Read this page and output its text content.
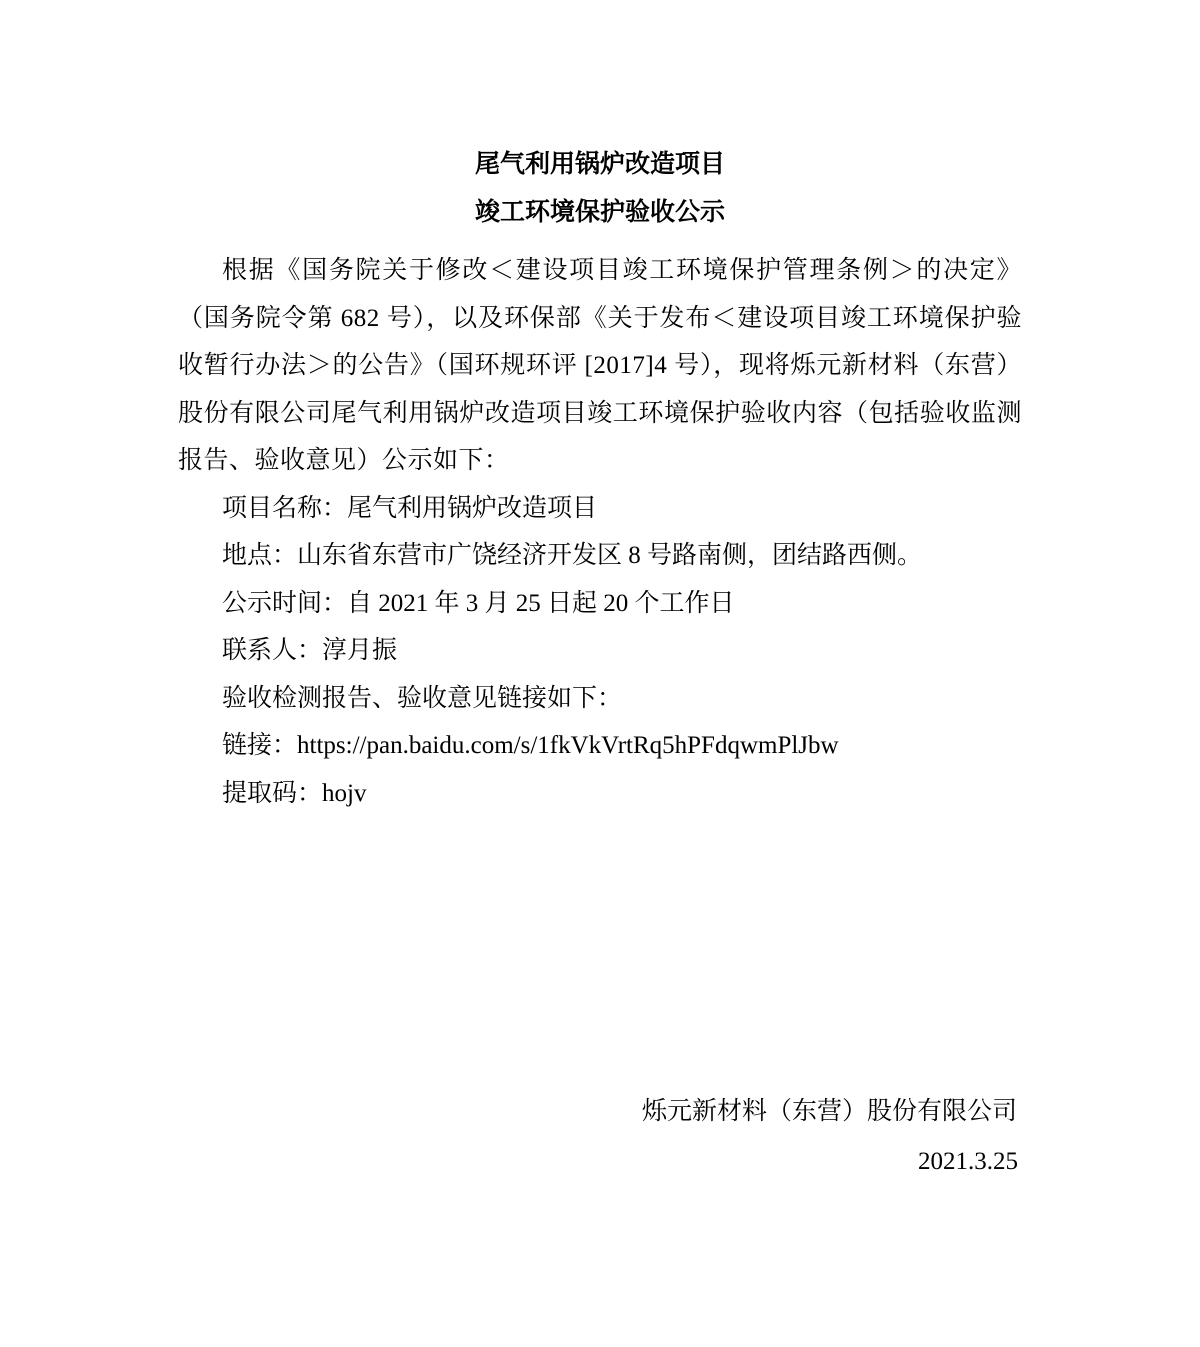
尾气利用锅炉改造项目
竣工环境保护验收公示

根据《国务院关于修改＜建设项目竣工环境保护管理条例＞的决定》（国务院令第 682 号），以及环保部《关于发布＜建设项目竣工环境保护验收暂行办法＞的公告》（国环规环评 [2017]4 号），现将烁元新材料（东营）股份有限公司尾气利用锅炉改造项目竣工环境保护验收内容（包括验收监测报告、验收意见）公示如下：

项目名称：尾气利用锅炉改造项目
地点：山东省东营市广饶经济开发区 8 号路南侧，团结路西侧。
公示时间：自 2021 年 3 月 25 日起 20 个工作日
联系人：淳月振
验收检测报告、验收意见链接如下：
链接：https://pan.baidu.com/s/1fkVkVrtRq5hPFdqwmPlJbw
提取码：hojv
烁元新材料（东营）股份有限公司
2021.3.25
